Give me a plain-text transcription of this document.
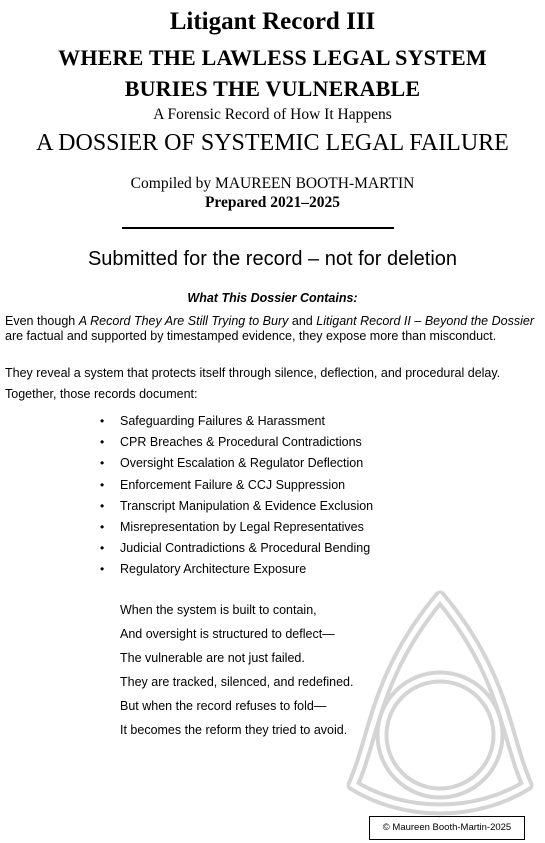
Litigant Record III
WHERE THE LAWLESS LEGAL SYSTEM
BURIES THE VULNERABLE
A Forensic Record of How It Happens
A DOSSIER OF SYSTEMIC LEGAL FAILURE
Compiled by MAUREEN BOOTH-MARTIN
Prepared 2021–2025
Submitted for the record – not for deletion
What This Dossier Contains:

Even though A Record They Are Still Trying to Bury and Litigant Record II – Beyond the Dossier are factual and supported by timestamped evidence, they expose more than misconduct.

They reveal a system that protects itself through silence, deflection, and procedural delay.

Together, those records document:

• Safeguarding Failures & Harassment
• CPR Breaches & Procedural Contradictions
• Oversight Escalation & Regulator Deflection
• Enforcement Failure & CCJ Suppression
• Transcript Manipulation & Evidence Exclusion
• Misrepresentation by Legal Representatives
• Judicial Contradictions & Procedural Bending
• Regulatory Architecture Exposure
When the system is built to contain,
And oversight is structured to deflect—
The vulnerable are not just failed.
They are tracked, silenced, and redefined.
But when the record refuses to fold—
It becomes the reform they tried to avoid.
© Maureen Booth-Martin-2025
